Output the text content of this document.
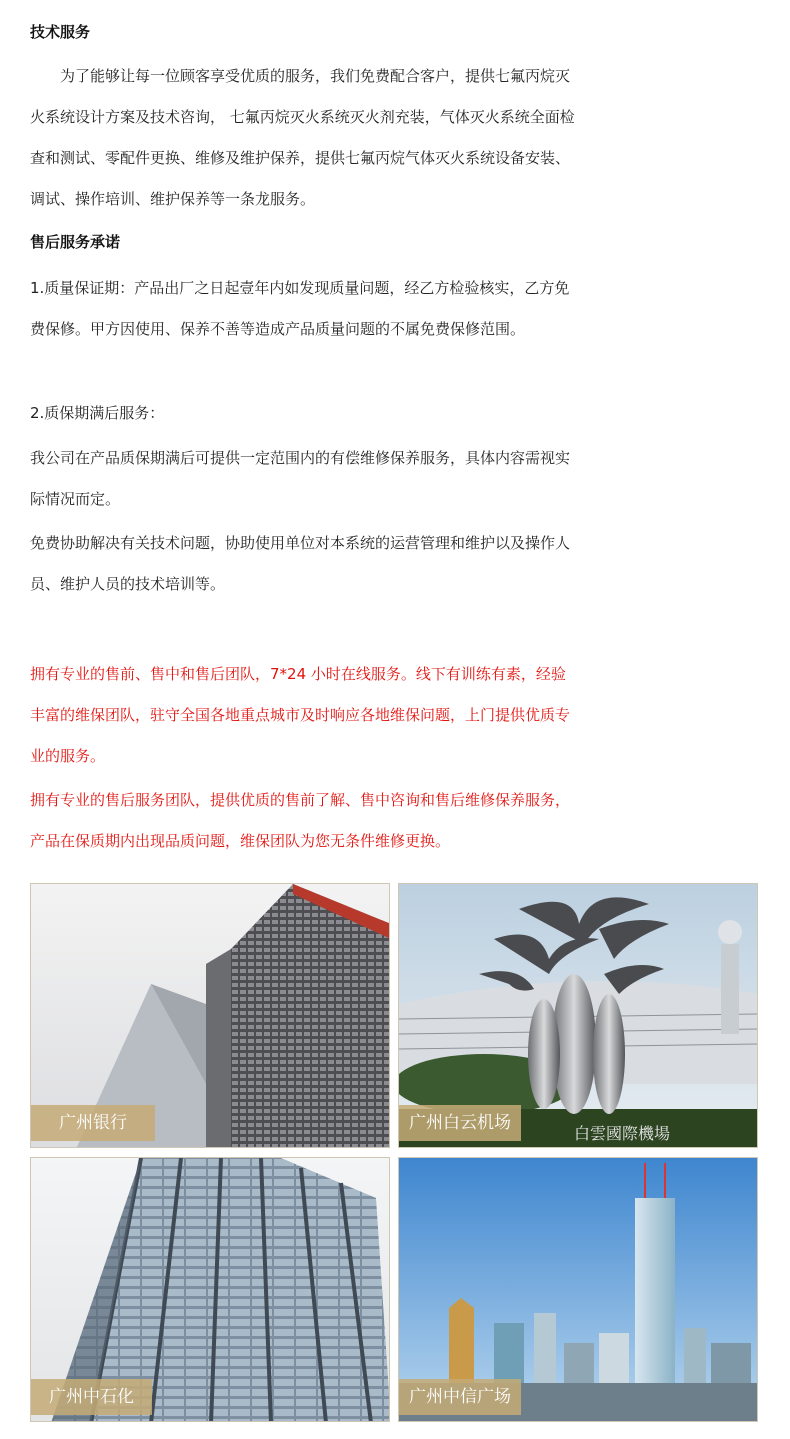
技术服务

为了能够让每一位顾客享受优质的服务，我们免费配合客户，提供七氟丙烷灭火系统设计方案及技术咨询， 七氟丙烷灭火系统灭火剂充装，气体灭火系统全面检查和测试、零配件更换、维修及维护保养，提供七氟丙烷气体灭火系统设备安装、调试、操作培训、维护保养等一条龙服务。

售后服务承诺

1.质量保证期：产品出厂之日起壹年内如发现质量问题，经乙方检验核实，乙方免费保修。甲方因使用、保养不善等造成产品质量问题的不属免费保修范围。

2.质保期满后服务：

我公司在产品质保期满后可提供一定范围内的有偿维修保养服务，具体内容需视实际情况而定。

免费协助解决有关技术问题，协助使用单位对本系统的运营管理和维护以及操作人员、维护人员的技术培训等。

拥有专业的售前、售中和售后团队，7*24 小时在线服务。线下有训练有素，经验丰富的维保团队，驻守全国各地重点城市及时响应各地维保问题，上门提供优质专业的服务。

拥有专业的售后服务团队，提供优质的售前了解、售中咨询和售后维修保养服务，产品在保质期内出现品质问题，维保团队为您无条件维修更换。

广州银行
白雲國際機場
广州白云机场
广州中石化	广州中信广场
